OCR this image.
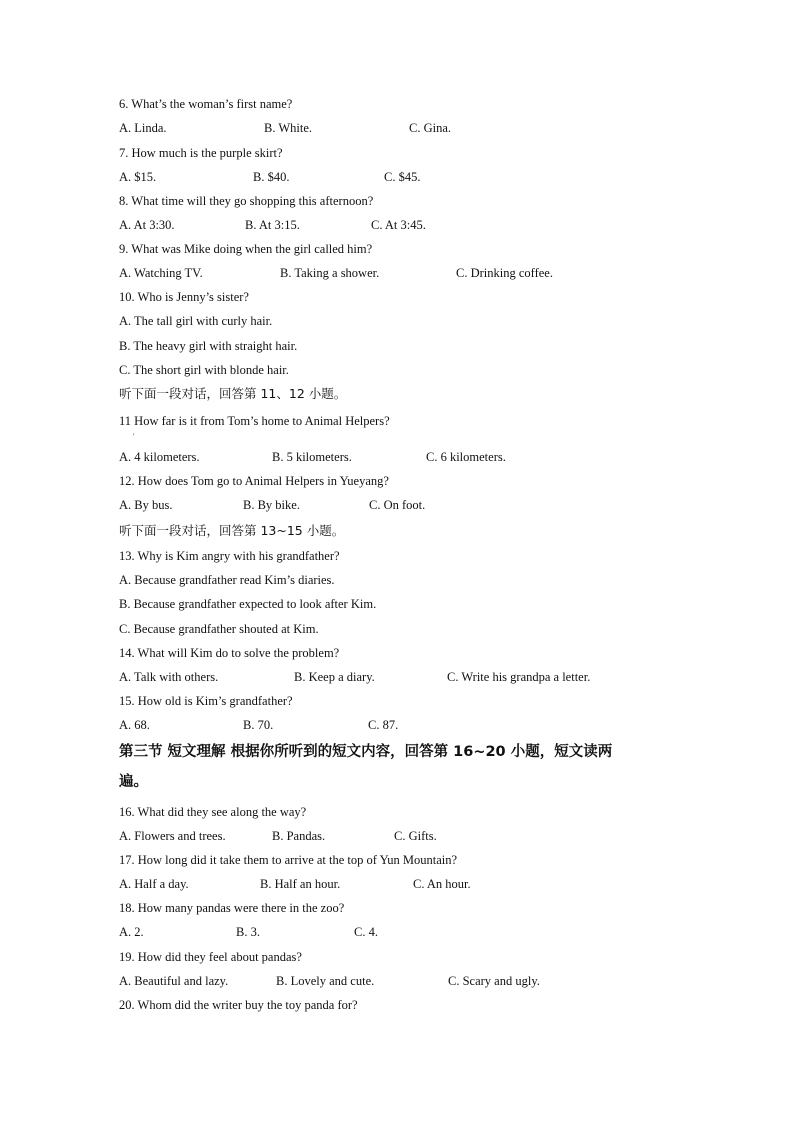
6. What’s the woman’s first name?
A. Linda.	B. White.	C. Gina.
7. How much is the purple skirt?
A. $15.	B. $40.	C. $45.
8. What time will they go shopping this afternoon?
A. At 3:30.	B. At 3:15.	C. At 3:45.
9. What was Mike doing when the girl called him?
A. Watching TV.	B. Taking a shower.	C. Drinking coffee.
10. Who is Jenny’s sister?
A. The tall girl with curly hair.
B. The heavy girl with straight hair.
C. The short girl with blonde hair.
听下面一段对话，回答第 11、12 小题。
11 How far is it from Tom’s home to Animal Helpers?
'
A. 4 kilometers.	B. 5 kilometers.	C. 6 kilometers.
12. How does Tom go to Animal Helpers in Yueyang?
A. By bus.	B. By bike.	C. On foot.
听下面一段对话，回答第 13~15 小题。
13. Why is Kim angry with his grandfather?
A. Because grandfather read Kim’s diaries.
B. Because grandfather expected to look after Kim.
C. Because grandfather shouted at Kim.
14. What will Kim do to solve the problem?
A. Talk with others.	B. Keep a diary.	C. Write his grandpa a letter.
15. How old is Kim’s grandfather?
A. 68.	B. 70.	C. 87.
第三节 短文理解 根据你所听到的短文内容，回答第 16~20 小题，短文读两
遍。
16. What did they see along the way?
A. Flowers and trees.	B. Pandas.	C. Gifts.
17. How long did it take them to arrive at the top of Yun Mountain?
A. Half a day.	B. Half an hour.	C. An hour.
18. How many pandas were there in the zoo?
A. 2.	B. 3.	C. 4.
19. How did they feel about pandas?
A. Beautiful and lazy.	B. Lovely and cute.	C. Scary and ugly.
20. Whom did the writer buy the toy panda for?
